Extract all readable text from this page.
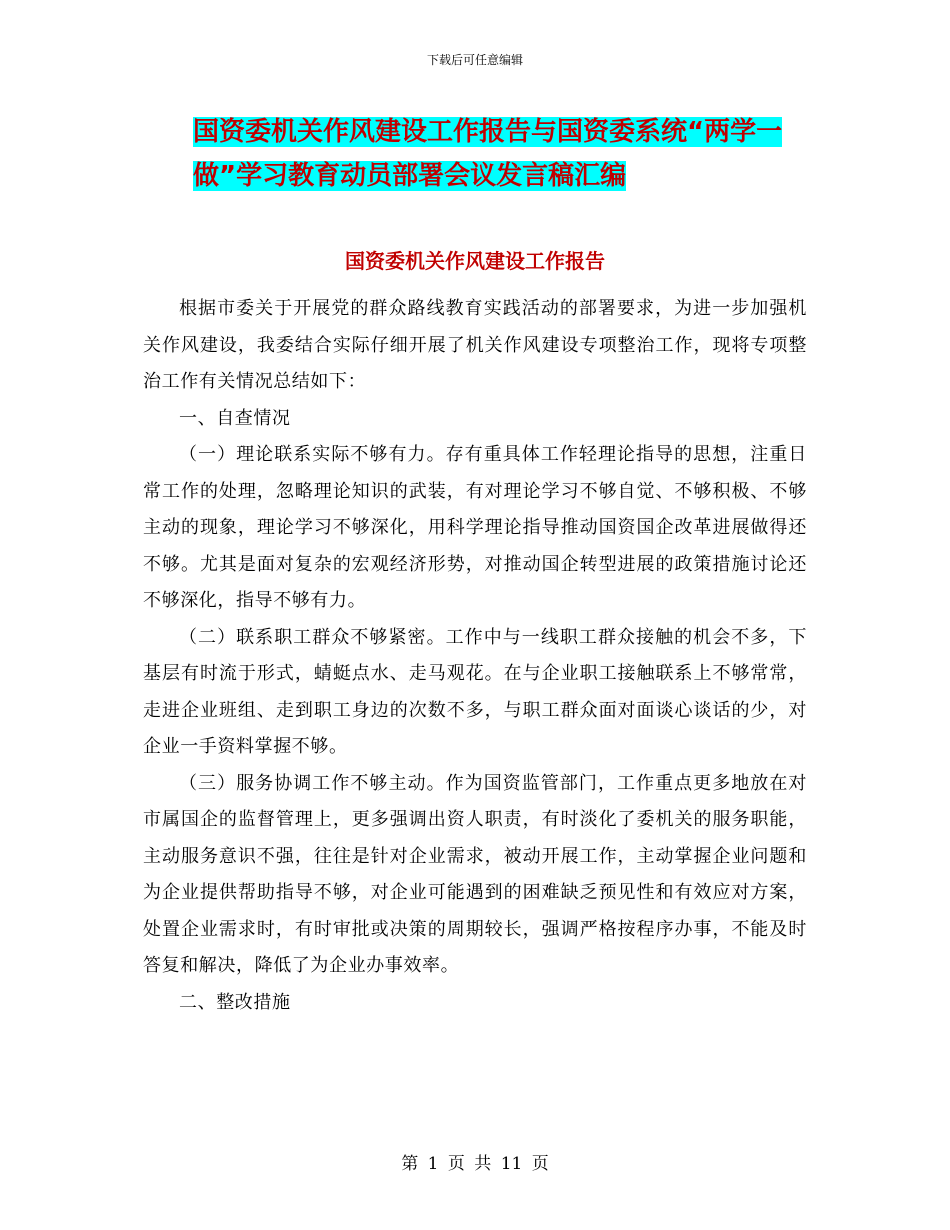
下载后可任意编辑
国资委机关作风建设工作报告与国资委系统“两学一做”学习教育动员部署会议发言稿汇编
国资委机关作风建设工作报告

根据市委关于开展党的群众路线教育实践活动的部署要求，为进一步加强机关作风建设，我委结合实际仔细开展了机关作风建设专项整治工作，现将专项整治工作有关情况总结如下：

一、自查情况

（一）理论联系实际不够有力。存有重具体工作轻理论指导的思想，注重日常工作的处理，忽略理论知识的武装，有对理论学习不够自觉、不够积极、不够主动的现象，理论学习不够深化，用科学理论指导推动国资国企改革进展做得还不够。尤其是面对复杂的宏观经济形势，对推动国企转型进展的政策措施讨论还不够深化，指导不够有力。

（二）联系职工群众不够紧密。工作中与一线职工群众接触的机会不多，下基层有时流于形式，蜻蜓点水、走马观花。在与企业职工接触联系上不够常常，走进企业班组、走到职工身边的次数不多，与职工群众面对面谈心谈话的少，对企业一手资料掌握不够。

（三）服务协调工作不够主动。作为国资监管部门，工作重点更多地放在对市属国企的监督管理上，更多强调出资人职责，有时淡化了委机关的服务职能，主动服务意识不强，往往是针对企业需求，被动开展工作，主动掌握企业问题和为企业提供帮助指导不够，对企业可能遇到的困难缺乏预见性和有效应对方案，处置企业需求时，有时审批或决策的周期较长，强调严格按程序办事，不能及时答复和解决，降低了为企业办事效率。

二、整改措施

第 1 页 共 11 页
